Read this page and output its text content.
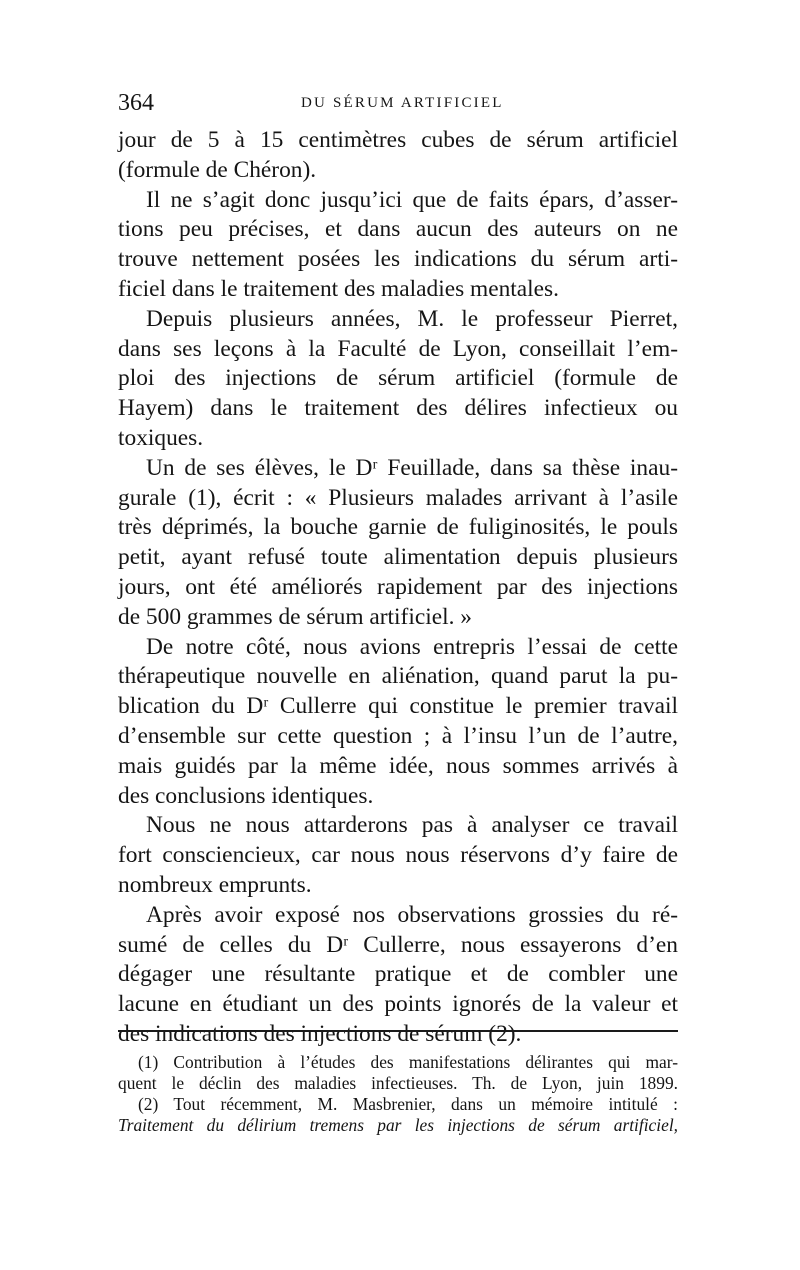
364	DU SÉRUM ARTIFICIEL
jour de 5 à 15 centimètres cubes de sérum artificiel
(formule de Chéron).
Il ne s’agit donc jusqu’ici que de faits épars, d’asser-
tions peu précises, et dans aucun des auteurs on ne
trouve nettement posées les indications du sérum arti-
ficiel dans le traitement des maladies mentales.
Depuis plusieurs années, M. le professeur Pierret,
dans ses leçons à la Faculté de Lyon, conseillait l’em-
ploi des injections de sérum artificiel (formule de
Hayem) dans le traitement des délires infectieux ou
toxiques.
Un de ses élèves, le Dʳ Feuillade, dans sa thèse inau-
gurale (1), écrit : « Plusieurs malades arrivant à l’asile
très déprimés, la bouche garnie de fuliginosités, le pouls
petit, ayant refusé toute alimentation depuis plusieurs
jours, ont été améliorés rapidement par des injections
de 500 grammes de sérum artificiel. »
De notre côté, nous avions entrepris l’essai de cette
thérapeutique nouvelle en aliénation, quand parut la pu-
blication du Dʳ Cullerre qui constitue le premier travail
d’ensemble sur cette question ; à l’insu l’un de l’autre,
mais guidés par la même idée, nous sommes arrivés à
des conclusions identiques.
Nous ne nous attarderons pas à analyser ce travail
fort consciencieux, car nous nous réservons d’y faire de
nombreux emprunts.
Après avoir exposé nos observations grossies du ré-
sumé de celles du Dʳ Cullerre, nous essayerons d’en
dégager une résultante pratique et de combler une
lacune en étudiant un des points ignorés de la valeur et
des indications des injections de sérum (2).
(1) Contribution à l’études des manifestations délirantes qui mar-
quent le déclin des maladies infectieuses. Th. de Lyon, juin 1899.
(2) Tout récemment, M. Masbrenier, dans un mémoire intitulé :
Traitement du délirium tremens par les injections de sérum artificiel,
